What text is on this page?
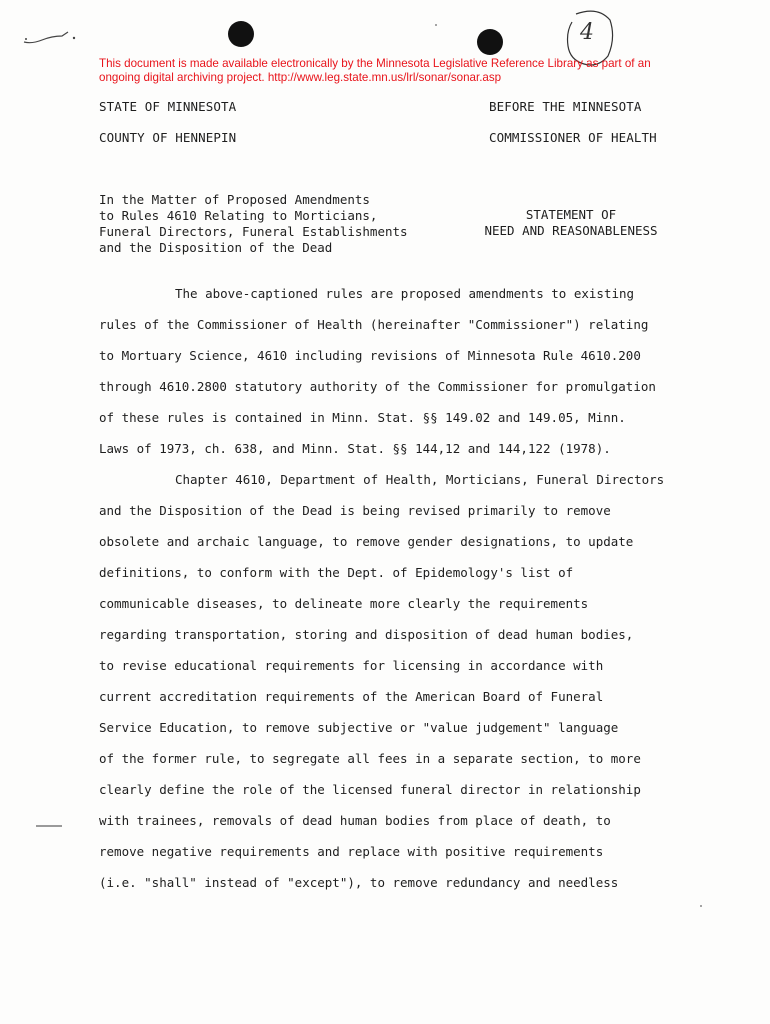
4
This document is made available electronically by the Minnesota Legislative Reference Library as part of an
ongoing digital archiving project. http://www.leg.state.mn.us/lrl/sonar/sonar.asp
STATE OF MINNESOTA
COUNTY OF HENNEPIN
BEFORE THE MINNESOTA
COMMISSIONER OF HEALTH
In the Matter of Proposed Amendments
to Rules 4610 Relating to Morticians,
Funeral Directors, Funeral Establishments
and the Disposition of the Dead
STATEMENT OF
NEED AND REASONABLENESS
The above-captioned rules are proposed amendments to existing
rules of the Commissioner of Health (hereinafter "Commissioner") relating
to Mortuary Science, 4610 including revisions of Minnesota Rule 4610.200
through 4610.2800 statutory authority of the Commissioner for promulgation
of these rules is contained in Minn. Stat. §§ 149.02 and 149.05, Minn.
Laws of 1973, ch. 638, and Minn. Stat. §§ 144,12 and 144,122 (1978).
Chapter 4610, Department of Health, Morticians, Funeral Directors
and the Disposition of the Dead is being revised primarily to remove
obsolete and archaic language, to remove gender designations, to update
definitions, to conform with the Dept. of Epidemology's list of
communicable diseases, to delineate more clearly the requirements
regarding transportation, storing and disposition of dead human bodies,
to revise educational requirements for licensing in accordance with
current accreditation requirements of the American Board of Funeral
Service Education, to remove subjective or "value judgement" language
of the former rule, to segregate all fees in a separate section, to more
clearly define the role of the licensed funeral director in relationship
with trainees, removals of dead human bodies from place of death, to
remove negative requirements and replace with positive requirements
(i.e. "shall" instead of "except"), to remove redundancy and needless
